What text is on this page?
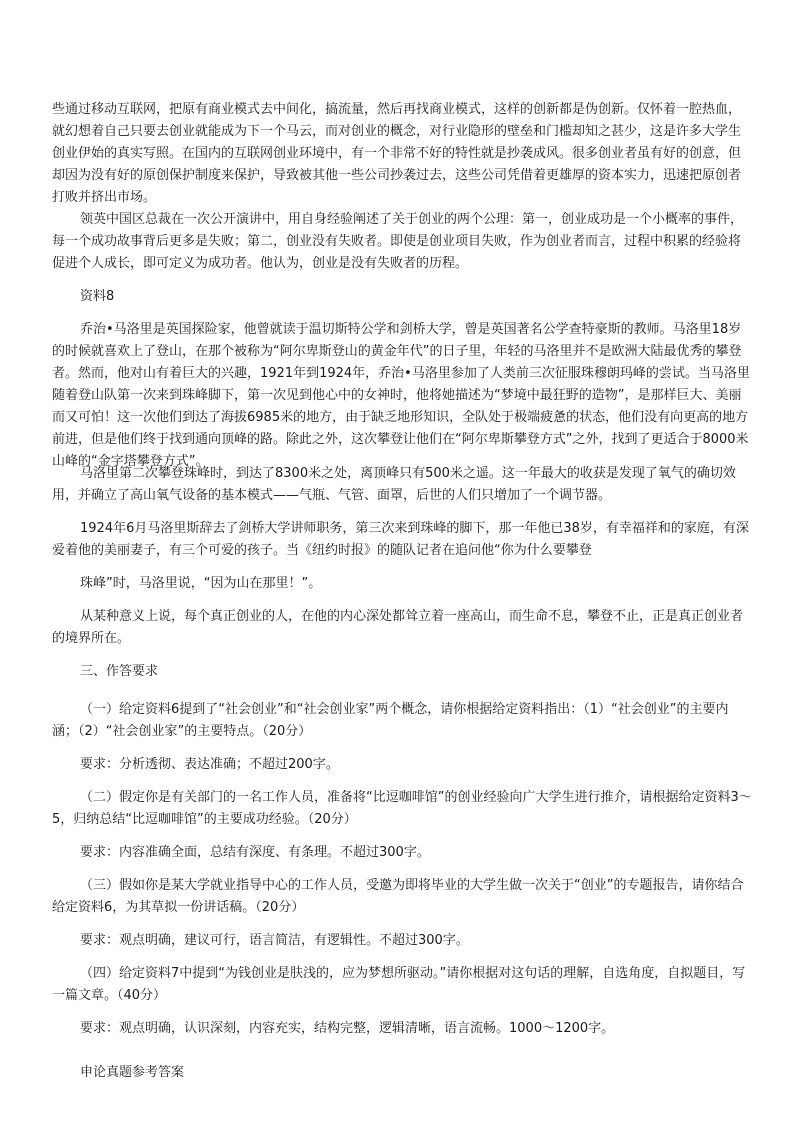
些通过移动互联网，把原有商业模式去中间化，搞流量，然后再找商业模式，这样的创新都是伪创新。仅怀着一腔热血，就幻想着自己只要去创业就能成为下一个马云，而对创业的概念，对行业隐形的壁垒和门槛却知之甚少，这是许多大学生创业伊始的真实写照。在国内的互联网创业环境中，有一个非常不好的特性就是抄袭成风。很多创业者虽有好的创意，但却因为没有好的原创保护制度来保护，导致被其他一些公司抄袭过去，这些公司凭借着更雄厚的资本实力，迅速把原创者打败并挤出市场。

领英中国区总裁在一次公开演讲中，用自身经验阐述了关于创业的两个公理：第一，创业成功是一个小概率的事件，每一个成功故事背后更多是失败；第二，创业没有失败者。即使是创业项目失败，作为创业者而言，过程中积累的经验将促进个人成长，即可定义为成功者。他认为，创业是没有失败者的历程。

资料8

乔治•马洛里是英国探险家，他曾就读于温切斯特公学和剑桥大学，曾是英国著名公学查特豪斯的教师。马洛里18岁的时候就喜欢上了登山，在那个被称为“阿尔卑斯登山的黄金年代”的日子里，年轻的马洛里并不是欧洲大陆最优秀的攀登者。然而，他对山有着巨大的兴趣，1921年到1924年，乔治•马洛里参加了人类前三次征服珠穆朗玛峰的尝试。当马洛里随着登山队第一次来到珠峰脚下，第一次见到他心中的女神时，他将她描述为“梦境中最狂野的造物”，是那样巨大、美丽而又可怕！这一次他们到达了海拔6985米的地方，由于缺乏地形知识，全队处于极端疲惫的状态，他们没有向更高的地方前进，但是他们终于找到通向顶峰的路。除此之外，这次攀登让他们在“阿尔卑斯攀登方式”之外，找到了更适合于8000米山峰的“金字塔攀登方式”。

马洛里第二次攀登珠峰时，到达了8300米之处，离顶峰只有500米之遥。这一年最大的收获是发现了氧气的确切效用，并确立了高山氧气设备的基本模式——气瓶、气管、面罩，后世的人们只增加了一个调节器。

1924年6月马洛里斯辞去了剑桥大学讲师职务，第三次来到珠峰的脚下，那一年他已38岁，有幸福祥和的家庭，有深爱着他的美丽妻子，有三个可爱的孩子。当《纽约时报》的随队记者在追问他“你为什么要攀登

珠峰”时，马洛里说，“因为山在那里！”。

从某种意义上说，每个真正创业的人，在他的内心深处都耸立着一座高山，而生命不息，攀登不止，正是真正创业者的境界所在。

三、作答要求

（一）给定资料6提到了“社会创业”和“社会创业家”两个概念，请你根据给定资料指出：（1）“社会创业”的主要内涵；（2）“社会创业家”的主要特点。（20分）

要求：分析透彻、表达准确；不超过200字。

（二）假定你是有关部门的一名工作人员，准备将“比逗咖啡馆”的创业经验向广大学生进行推介，请根据给定资料3～5，归纳总结“比逗咖啡馆”的主要成功经验。（20分）

要求：内容准确全面，总结有深度、有条理。不超过300字。

（三）假如你是某大学就业指导中心的工作人员，受邀为即将毕业的大学生做一次关于“创业”的专题报告，请你结合给定资料6，为其草拟一份讲话稿。（20分）

要求：观点明确，建议可行，语言简洁，有逻辑性。不超过300字。

（四）给定资料7中提到“为钱创业是肤浅的，应为梦想所驱动。”请你根据对这句话的理解，自选角度，自拟题目，写一篇文章。（40分）

要求：观点明确，认识深刻，内容充实，结构完整，逻辑清晰，语言流畅。1000～1200字。

申论真题参考答案
